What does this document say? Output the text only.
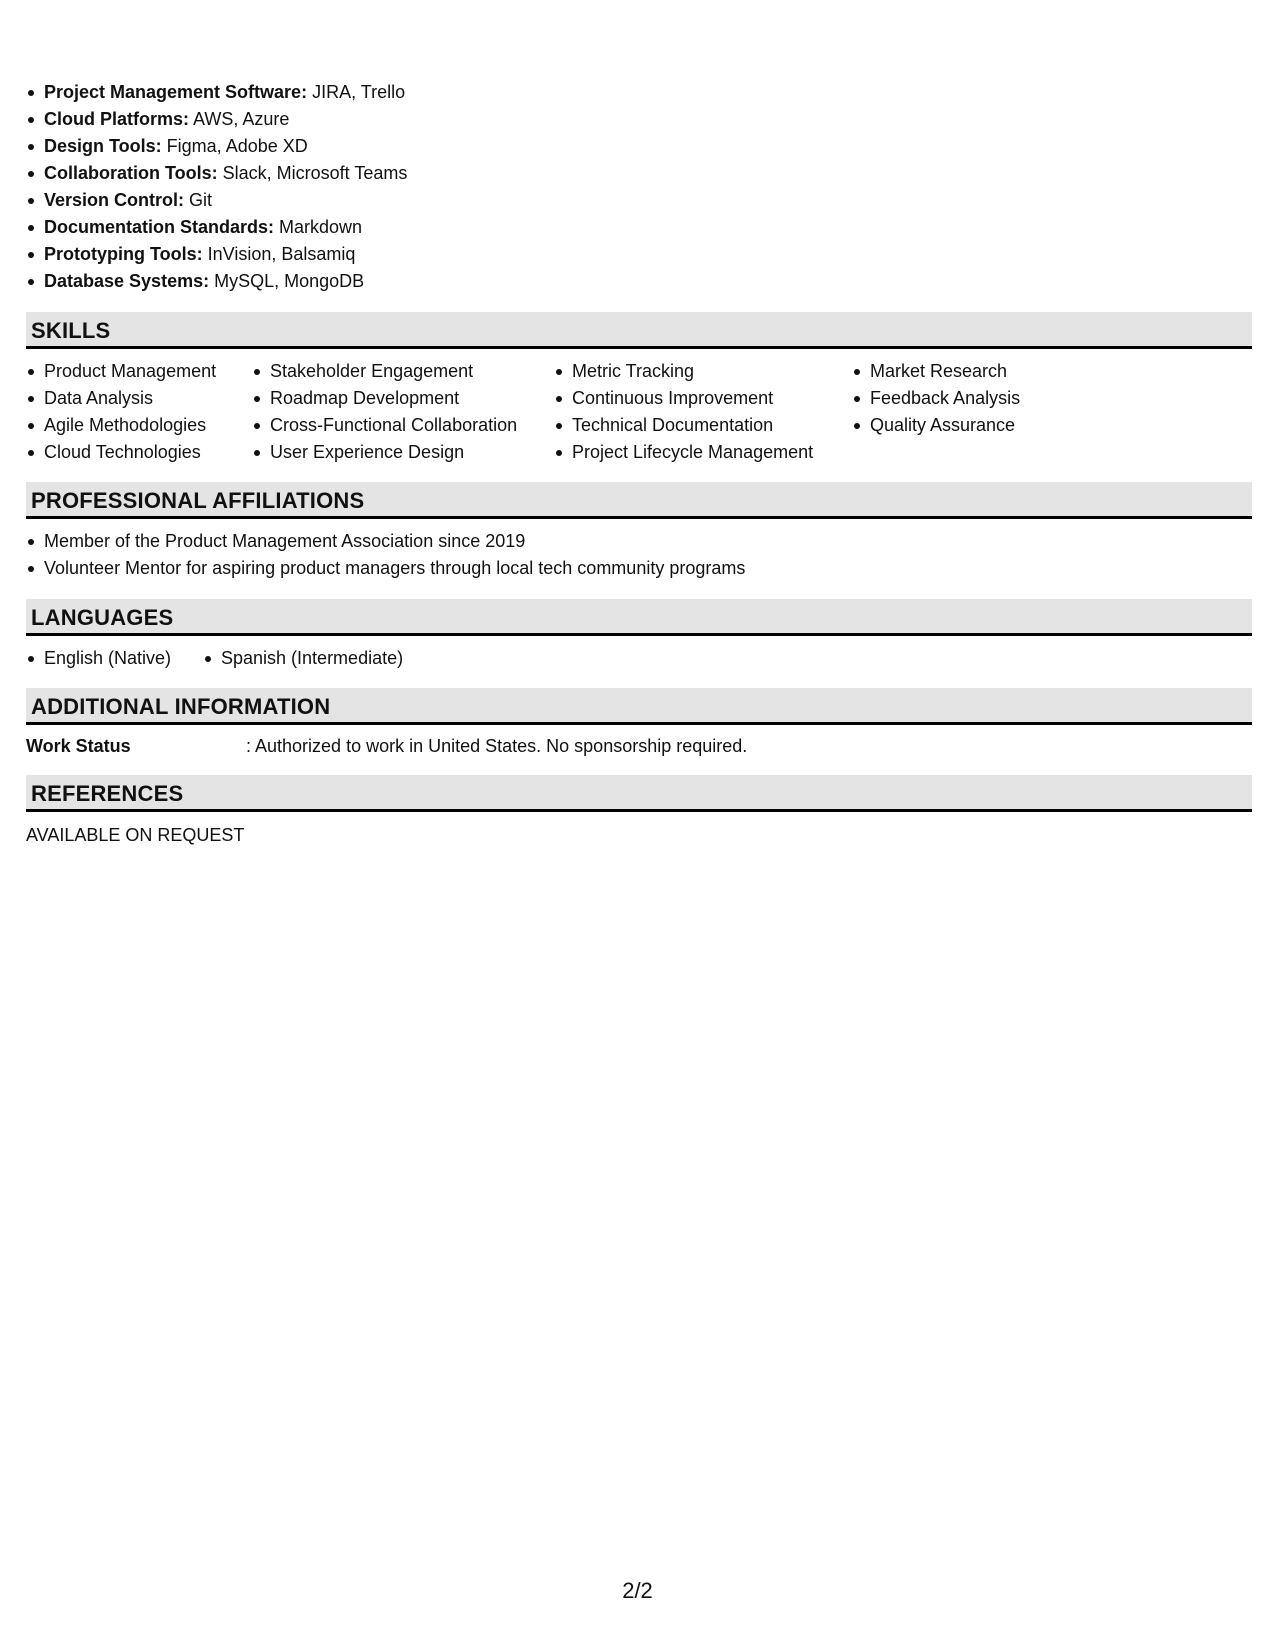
Project Management Software: JIRA, Trello
Cloud Platforms: AWS, Azure
Design Tools: Figma, Adobe XD
Collaboration Tools: Slack, Microsoft Teams
Version Control: Git
Documentation Standards: Markdown
Prototyping Tools: InVision, Balsamiq
Database Systems: MySQL, MongoDB
SKILLS
Product Management
Data Analysis
Agile Methodologies
Cloud Technologies
Stakeholder Engagement
Roadmap Development
Cross-Functional Collaboration
User Experience Design
Metric Tracking
Continuous Improvement
Technical Documentation
Project Lifecycle Management
Market Research
Feedback Analysis
Quality Assurance
PROFESSIONAL AFFILIATIONS
Member of the Product Management Association since 2019
Volunteer Mentor for aspiring product managers through local tech community programs
LANGUAGES
English (Native)	Spanish (Intermediate)
ADDITIONAL INFORMATION
Work Status	: Authorized to work in United States. No sponsorship required.
REFERENCES
AVAILABLE ON REQUEST
2/2
